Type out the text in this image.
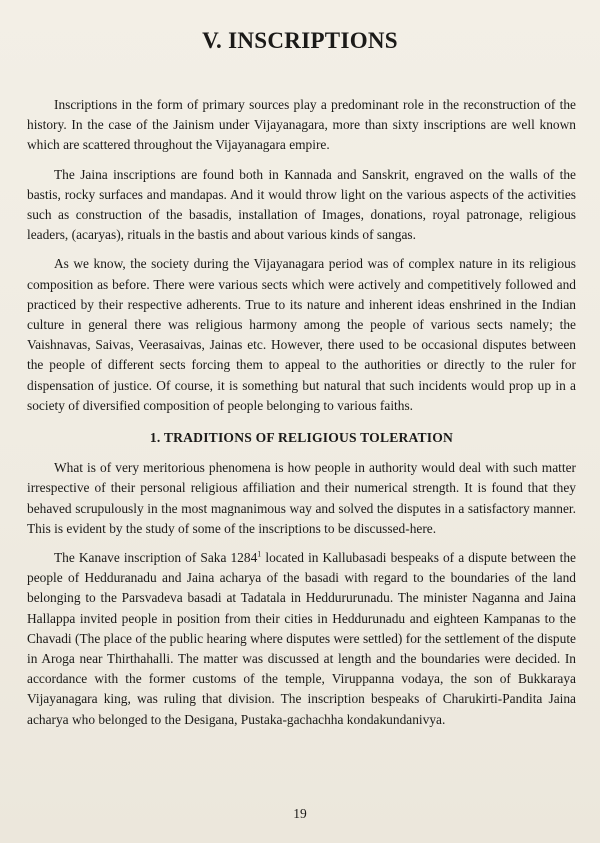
V. INSCRIPTIONS

Inscriptions in the form of primary sources play a predominant role in the reconstruction of the history. In the case of the Jainism under Vijayanagara, more than sixty inscriptions are well known which are scattered throughout the Vijayanagara empire.

The Jaina inscriptions are found both in Kannada and Sanskrit, engraved on the walls of the bastis, rocky surfaces and mandapas. And it would throw light on the various aspects of the activities such as construction of the basadis, installation of Images, donations, royal patronage, religious leaders, (acaryas), rituals in the bastis and about various kinds of sangas.

As we know, the society during the Vijayanagara period was of complex nature in its religious composition as before. There were various sects which were actively and competitively followed and practiced by their respective adherents. True to its nature and inherent ideas enshrined in the Indian culture in general there was religious harmony among the people of various sects namely; the Vaishnavas, Saivas, Veerasaivas, Jainas etc. However, there used to be occasional disputes between the people of different sects forcing them to appeal to the authorities or directly to the ruler for dispensation of justice. Of course, it is something but natural that such incidents would prop up in a society of diversified composition of people belonging to various faiths.

1. TRADITIONS OF RELIGIOUS TOLERATION

What is of very meritorious phenomena is how people in authority would deal with such matter irrespective of their personal religious affiliation and their numerical strength. It is found that they behaved scrupulously in the most magnanimous way and solved the disputes in a satisfactory manner. This is evident by the study of some of the inscriptions to be discussed-here.

The Kanave inscription of Saka 1284$^1$ located in Kallubasadi bespeaks of a dispute between the people of Hedduranadu and Jaina acharya of the basadi with regard to the boundaries of the land belonging to the Parsvadeva basadi at Tadatala in Heddururunadu. The minister Naganna and Jaina Hallappa invited people in position from their cities in Heddurunadu and eighteen Kampanas to the Chavadi (The place of the public hearing where disputes were settled) for the settlement of the dispute in Aroga near Thirthahalli. The matter was discussed at length and the boundaries were decided. In accordance with the former customs of the temple, Viruppanna vodaya, the son of Bukkaraya Vijayanagara king, was ruling that division. The inscription bespeaks of Charukirti-Pandita Jaina acharya who belonged to the Desigana, Pustaka-gachachha kondakundanivya.

19
